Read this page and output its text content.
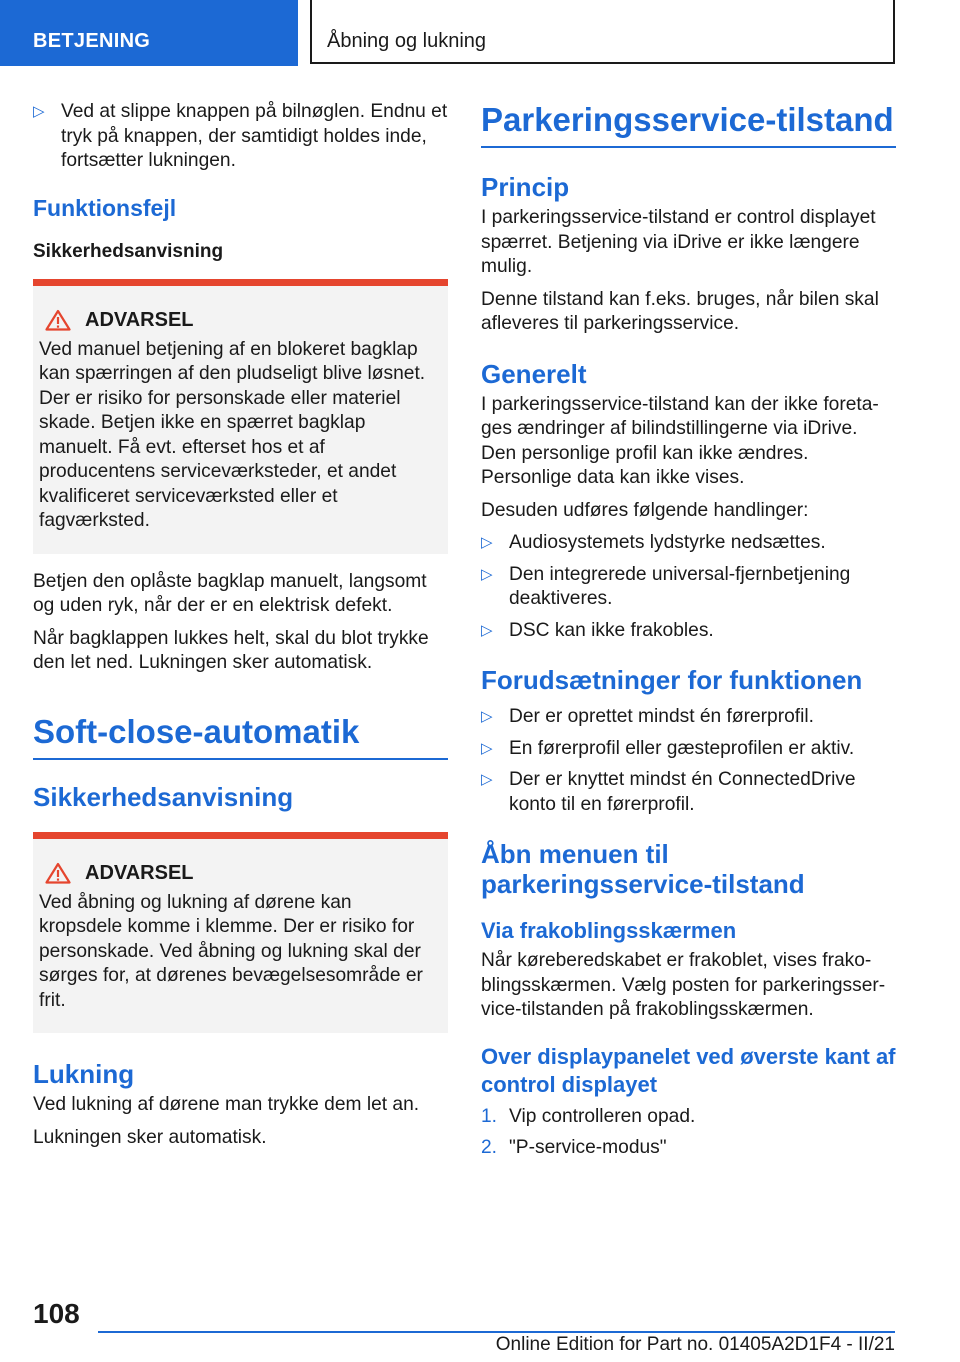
BETJENING	Åbning og lukning
▷ Ved at slippe knappen på bilnøglen. Endnu et tryk på knappen, der samtidigt holdes inde, fortsætter lukningen.
Funktionsfejl
Sikkerhedsanvisning
ADVARSEL

Ved manuel betjening af en blokeret bagklap kan spærringen af den pludseligt blive løsnet. Der er risiko for personskade eller materiel skade. Betjen ikke en spærret bagklap manuelt. Få evt. efterset hos et af producentens serviceværksteder, et andet kvalificeret serviceværksted eller et fagværksted.

Betjen den oplåste bagklap manuelt, langsomt og uden ryk, når der er en elektrisk defekt.

Når bagklappen lukkes helt, skal du blot trykke den let ned. Lukningen sker automatisk.

Soft-close-automatik
Sikkerhedsanvisning
ADVARSEL

Ved åbning og lukning af dørene kan kropsdele komme i klemme. Der er risiko for personskade. Ved åbning og lukning skal der sørges for, at dørenes bevægelsesområde er frit.

Lukning

Ved lukning af dørene man trykke dem let an.

Lukningen sker automatisk.

Parkeringsservice-tilstand
Princip

I parkeringsservice-tilstand er control displayet spærret. Betjening via iDrive er ikke længere mulig.

Denne tilstand kan f.eks. bruges, når bilen skal afleveres til parkeringsservice.

Generelt

I parkeringsservice-tilstand kan der ikke foretages ændringer af bilindstillingerne via iDrive. Den personlige profil kan ikke ændres. Personlige data kan ikke vises.

Desuden udføres følgende handlinger:

▷ Audiosystemets lydstyrke nedsættes.
▷ Den integrerede universal-fjernbetjening deaktiveres.
▷ DSC kan ikke frakobles.
Forudsætninger for funktionen
▷ Der er oprettet mindst én førerprofil.
▷ En førerprofil eller gæsteprofilen er aktiv.
▷ Der er knyttet mindst én ConnectedDrive konto til en førerprofil.
Åbn menuen til parkeringsservice-tilstand
Via frakoblingsskærmen

Når køreberedskabet er frakoblet, vises frakoblingsskærmen. Vælg posten for parkeringsservice-tilstanden på frakoblingsskærmen.

Over displaypanelet ved øverste kant af control displayet
1. Vip controlleren opad.
2. "P-service-modus"
108
Online Edition for Part no. 01405A2D1F4 - II/21
